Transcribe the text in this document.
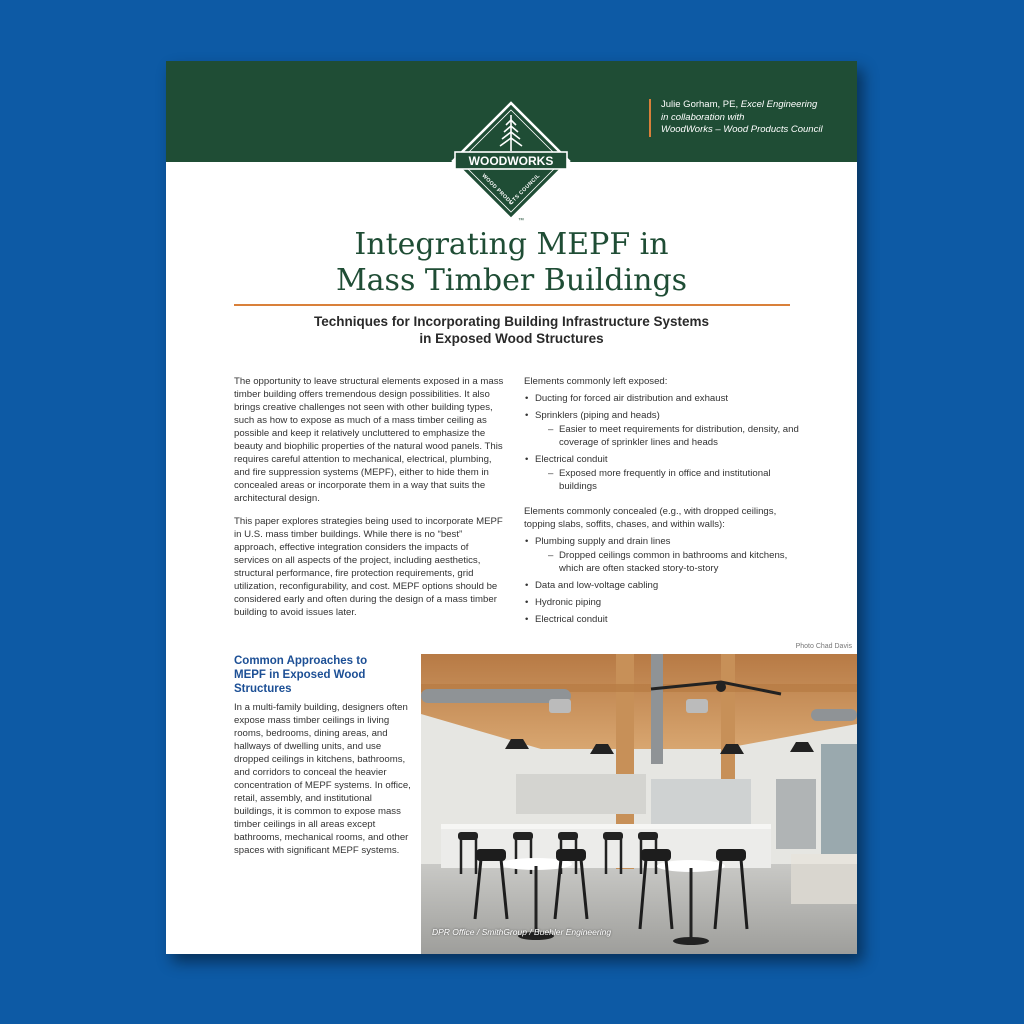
Julie Gorham, PE, Excel Engineering
in collaboration with
WoodWorks – Wood Products Council
WOODWORKS
WOOD PRODUCTS COUNCIL
™
Integrating MEPF in
Mass Timber Buildings
Techniques for Incorporating Building Infrastructure Systems
in Exposed Wood Structures

The opportunity to leave structural elements exposed in a mass timber building offers tremendous design possibilities. It also brings creative challenges not seen with other building types, such as how to expose as much of a mass timber ceiling as possible and keep it relatively uncluttered to emphasize the beauty and biophilic properties of the natural wood panels. This requires careful attention to mechanical, electrical, plumbing, and fire suppression systems (MEPF), either to hide them in concealed areas or incorporate them in a way that suits the architectural design.

This paper explores strategies being used to incorporate MEPF in U.S. mass timber buildings. While there is no “best” approach, effective integration considers the impacts of services on all aspects of the project, including aesthetics, structural performance, fire protection requirements, grid utilization, reconfigurability, and cost. MEPF options should be considered early and often during the design of a mass timber building to avoid issues later.

Elements commonly left exposed:
• Ducting for forced air distribution and exhaust
• Sprinklers (piping and heads)
– Easier to meet requirements for distribution, density, and coverage of sprinkler lines and heads
• Electrical conduit
– Exposed more frequently in office and institutional buildings
Elements commonly concealed (e.g., with dropped ceilings, topping slabs, soffits, chases, and within walls):
• Plumbing supply and drain lines
– Dropped ceilings common in bathrooms and kitchens, which are often stacked story-to-story
• Data and low-voltage cabling
• Hydronic piping
• Electrical conduit
Photo Chad Davis
Common Approaches to MEPF in Exposed Wood Structures
In a multi-family building, designers often expose mass timber ceilings in living rooms, bedrooms, dining areas, and hallways of dwelling units, and use dropped ceilings in kitchens, bathrooms, and corridors to conceal the heavier concentration of MEPF systems. In office, retail, assembly, and institutional buildings, it is common to expose mass timber ceilings in all areas except bathrooms, mechanical rooms, and other spaces with significant MEPF systems.
DPR Office / SmithGroup / Buehler Engineering
